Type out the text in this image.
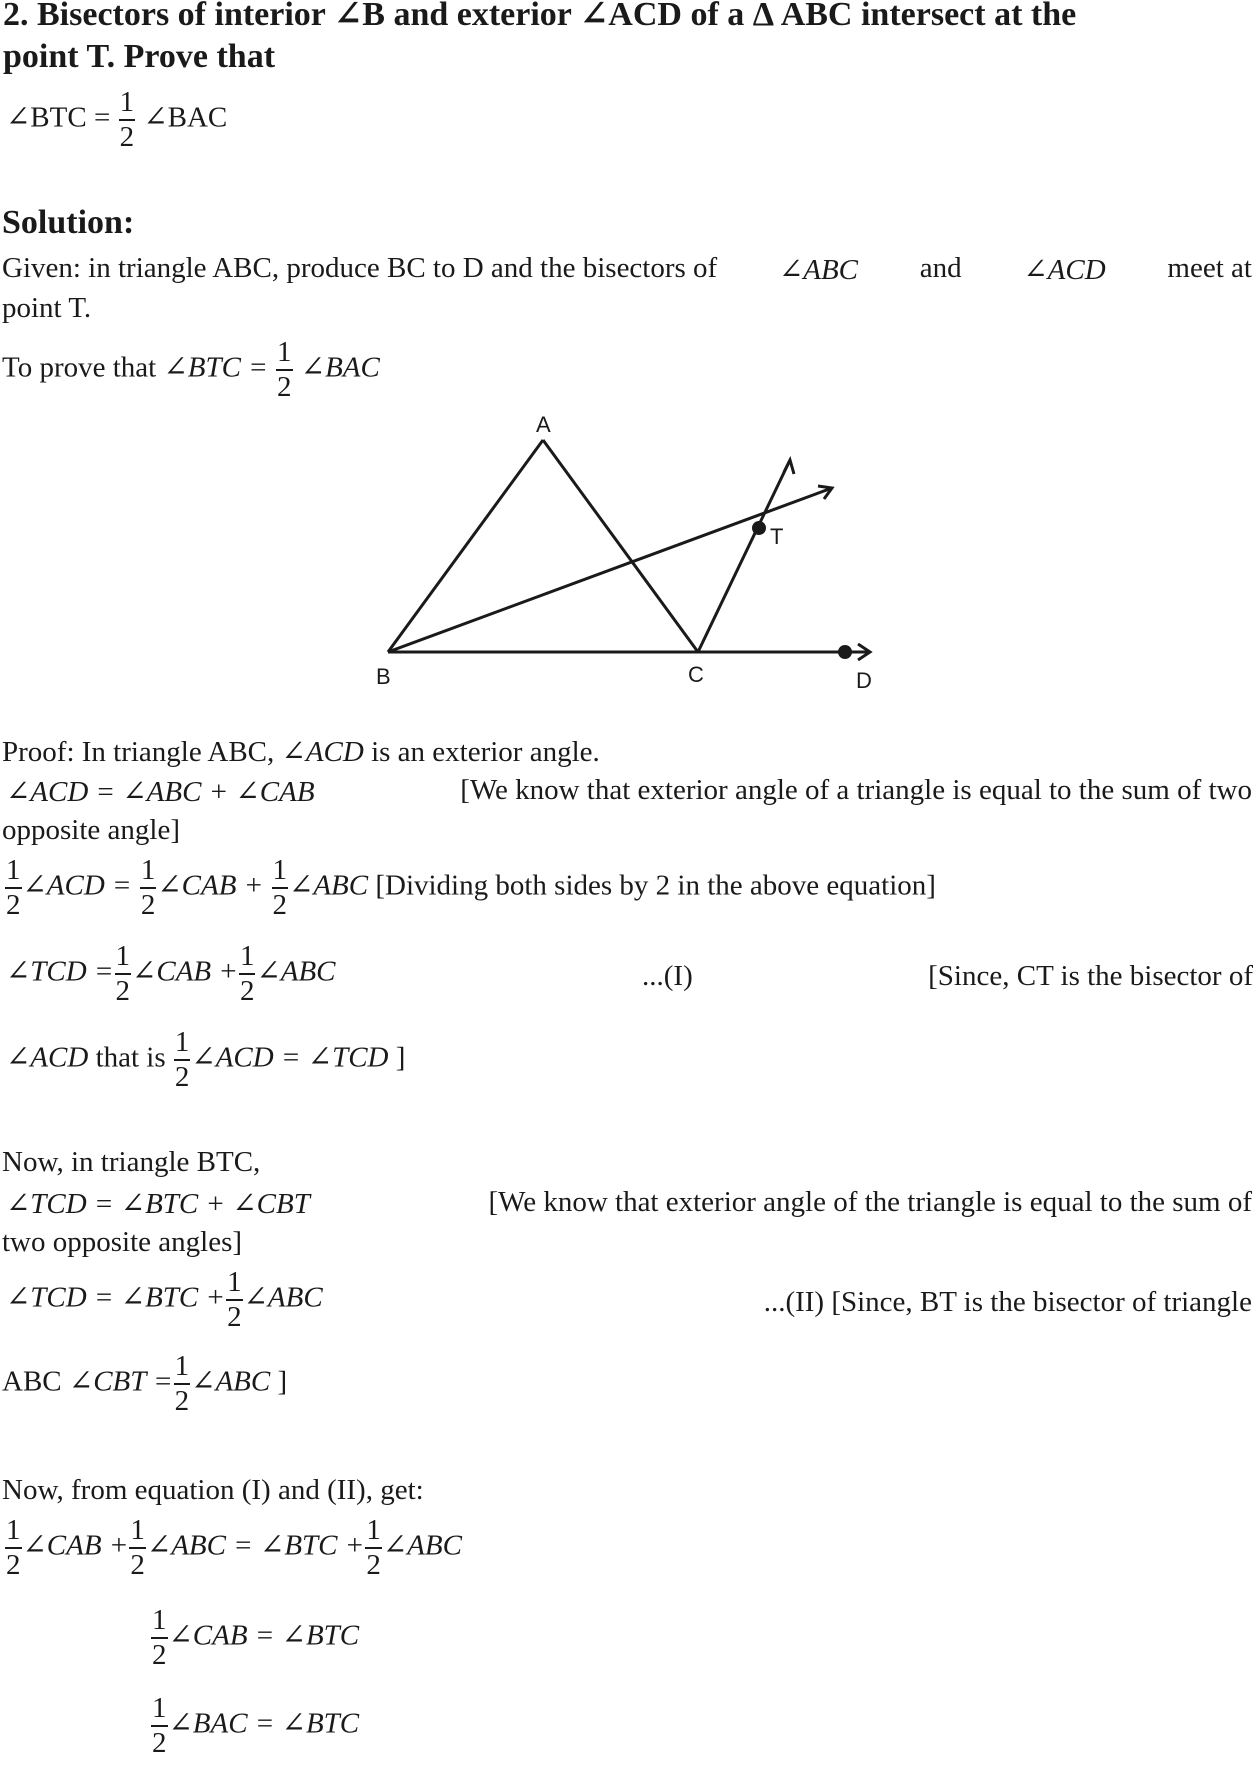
2. Bisectors of interior ∠B and exterior ∠ACD of a Δ ABC intersect at the
point T. Prove that
∠BTC = $\frac{1}{2}$ ∠BAC
Solution:
Given: in triangle ABC, produce BC to D and the bisectors of ∠ABC and ∠ACD meet at
point T.
To prove that ∠BTC = $\frac{1}{2}$ ∠BAC
A
B	C	D
T
Proof: In triangle ABC, ∠ACD is an exterior angle.
∠ACD = ∠ABC + ∠CAB	[We know that exterior angle of a triangle is equal to the sum of two
opposite angle]
$\frac{1}{2}$ ∠ACD = $\frac{1}{2}$ ∠CAB + $\frac{1}{2}$ ∠ABC [Dividing both sides by 2 in the above equation]
∠TCD = $\frac{1}{2}$ ∠CAB + $\frac{1}{2}$ ∠ABC	...(I)	[Since, CT is the bisector of
∠ACD that is $\frac{1}{2}$ ∠ACD = ∠TCD ]
Now, in triangle BTC,
∠TCD = ∠BTC + ∠CBT	[We know that exterior angle of the triangle is equal to the sum of
two opposite angles]
∠TCD = ∠BTC + $\frac{1}{2}$ ∠ABC	...(II) [Since, BT is the bisector of triangle
ABC ∠CBT = $\frac{1}{2}$ ∠ABC ]
Now, from equation (I) and (II), get:
$\frac{1}{2}$ ∠CAB + $\frac{1}{2}$ ∠ABC = ∠BTC + $\frac{1}{2}$ ∠ABC
$\frac{1}{2}$ ∠CAB = ∠BTC
$\frac{1}{2}$ ∠BAC = ∠BTC
